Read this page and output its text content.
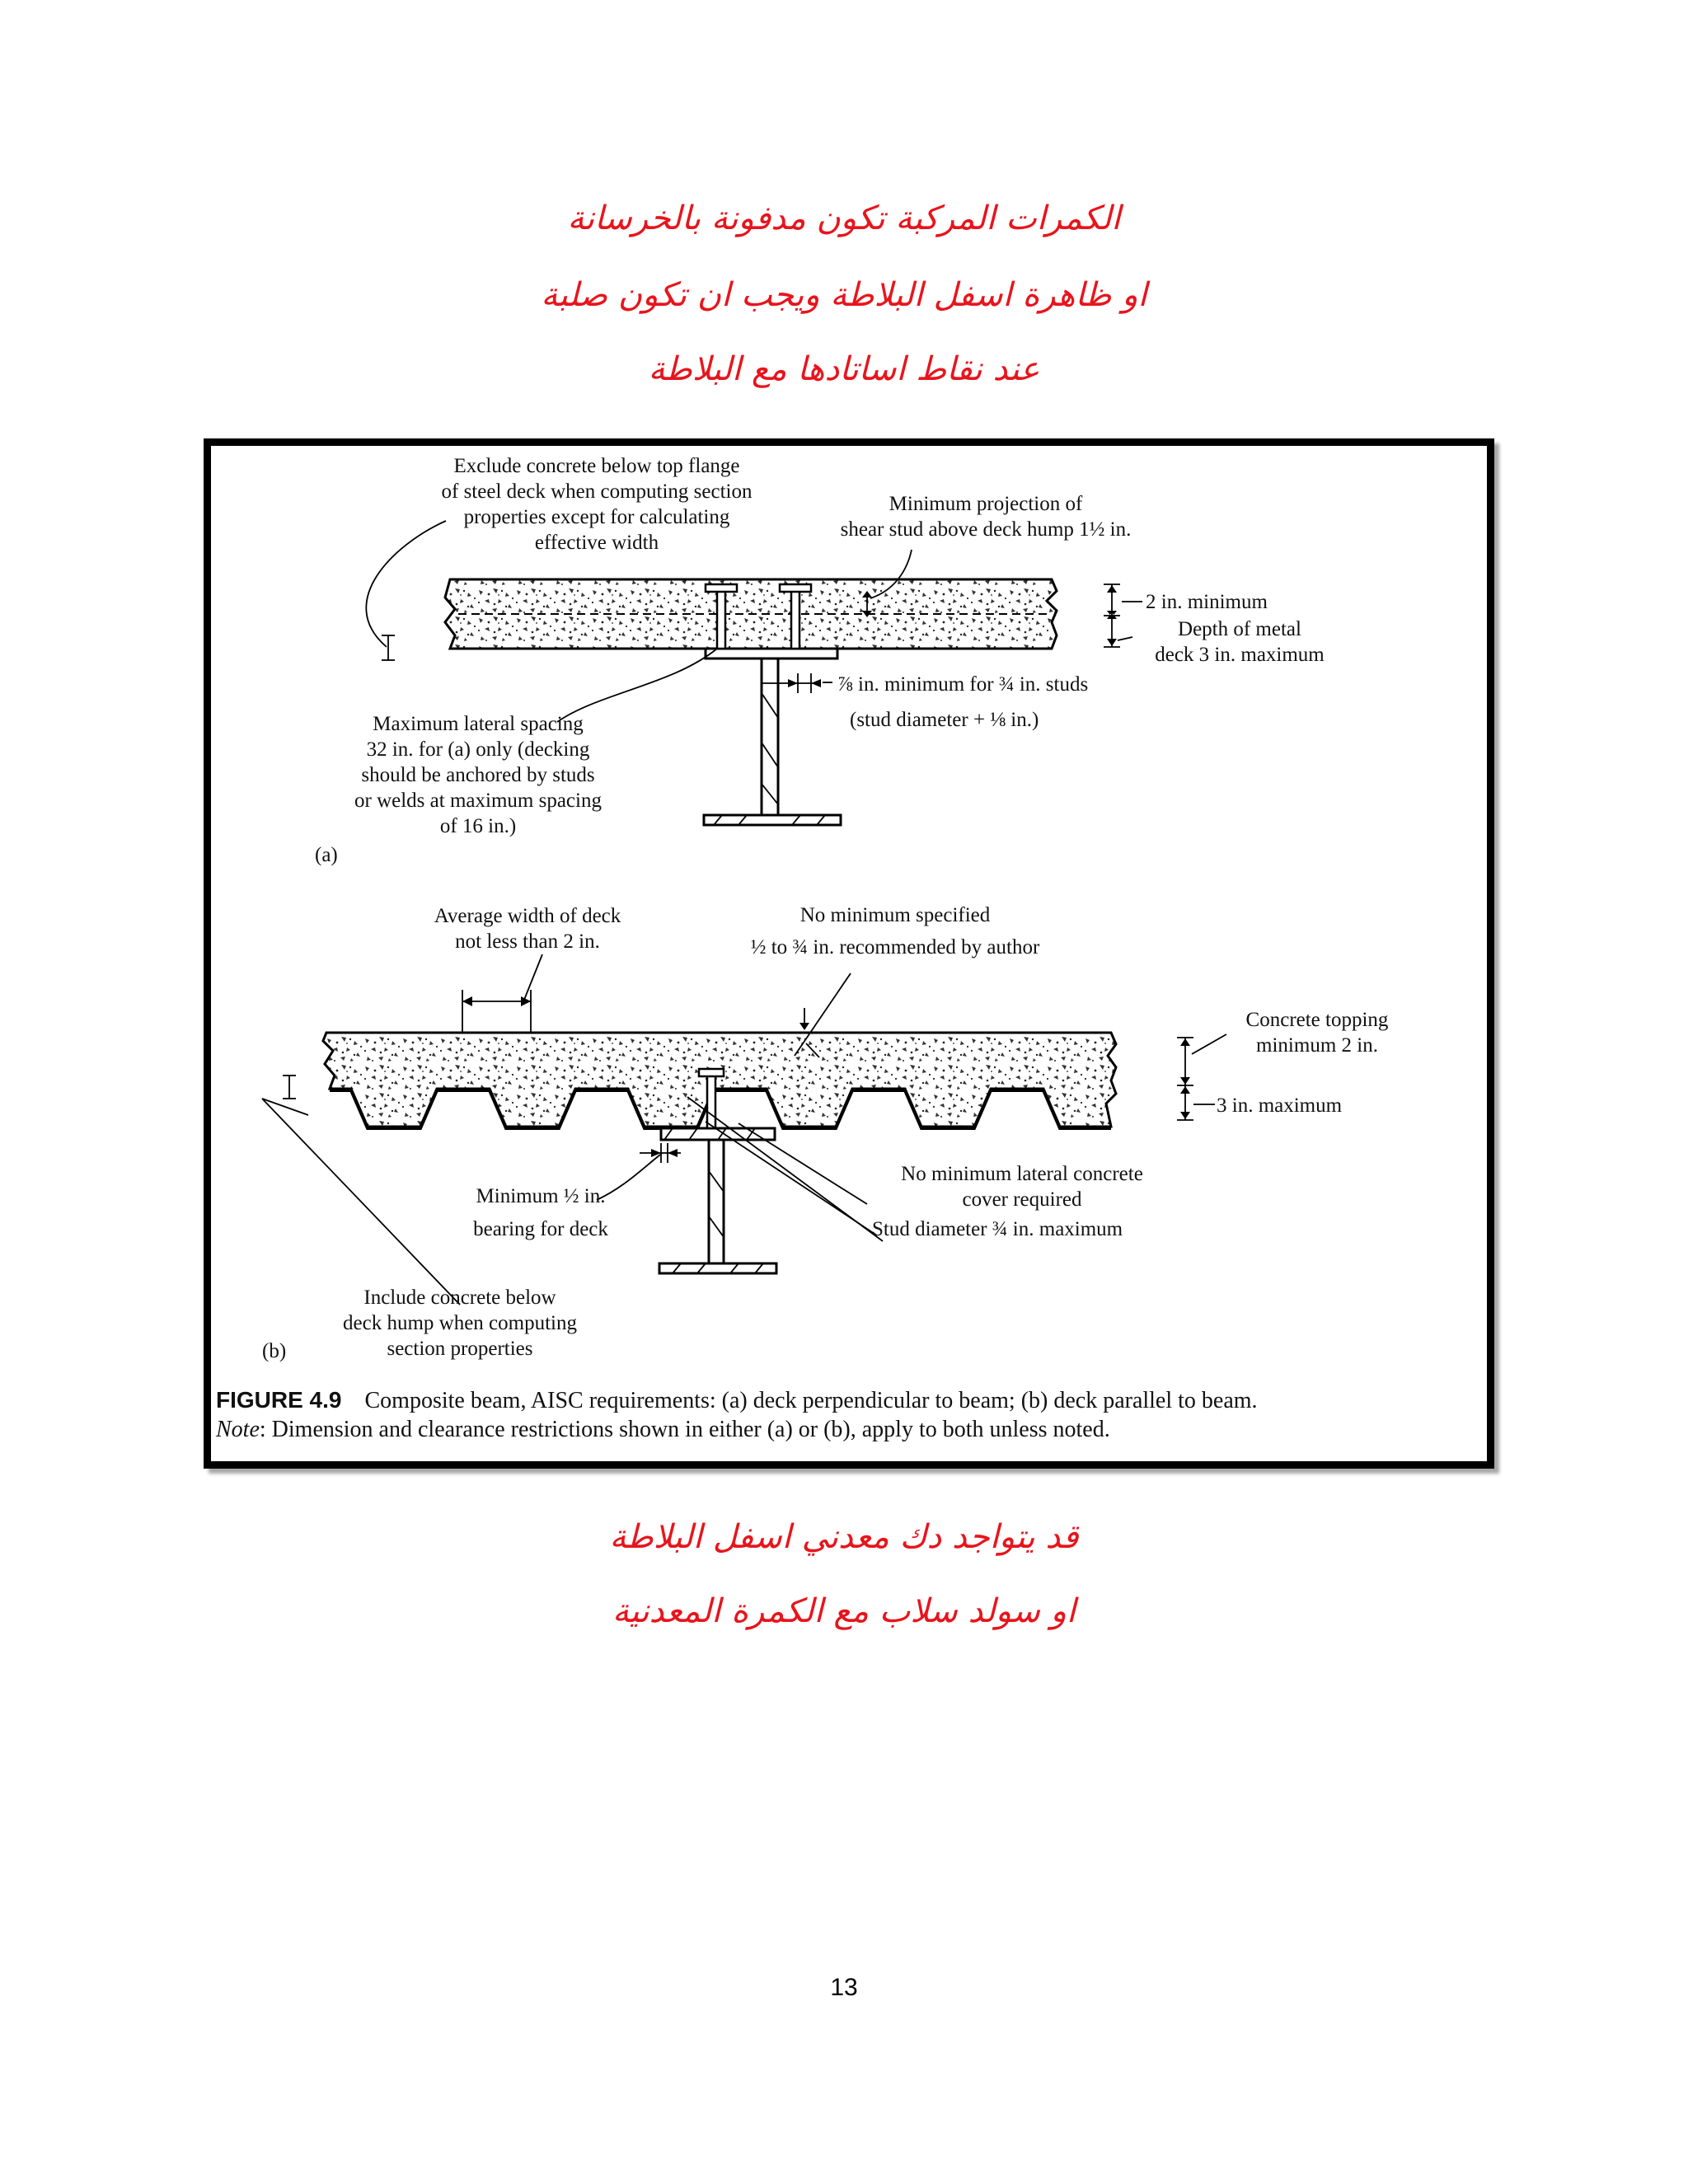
الكمرات المركبة تكون مدفونة بالخرسانة
او ظاهرة اسفل البلاطة ويجب ان تكون صلبة
عند نقاط اساتادها مع البلاطة
Exclude concrete below top flange
of steel deck when computing section
properties except for calculating
effective width
Minimum projection of
shear stud above deck hump 1½ in.
2 in. minimum
Depth of metal
deck 3 in. maximum
⅞ in. minimum for ¾ in. studs
(stud diameter + ⅛ in.)
Maximum lateral spacing
32 in. for (a) only (decking
should be anchored by studs
or welds at maximum spacing
of 16 in.)
(a)
Average width of deck
not less than 2 in.
No minimum specified
½ to ¾ in. recommended by author
Concrete topping
minimum 2 in.
3 in. maximum
No minimum lateral concrete
cover required
Stud diameter ¾ in. maximum
Minimum ½ in.
bearing for deck
Include concrete below
deck hump when computing
section properties
(b)
FIGURE 4.9 Composite beam, AISC requirements: (a) deck perpendicular to beam; (b) deck parallel to beam.
Note: Dimension and clearance restrictions shown in either (a) or (b), apply to both unless noted.
قد يتواجد دك معدني اسفل البلاطة
او سولد سلاب مع الكمرة المعدنية
13
